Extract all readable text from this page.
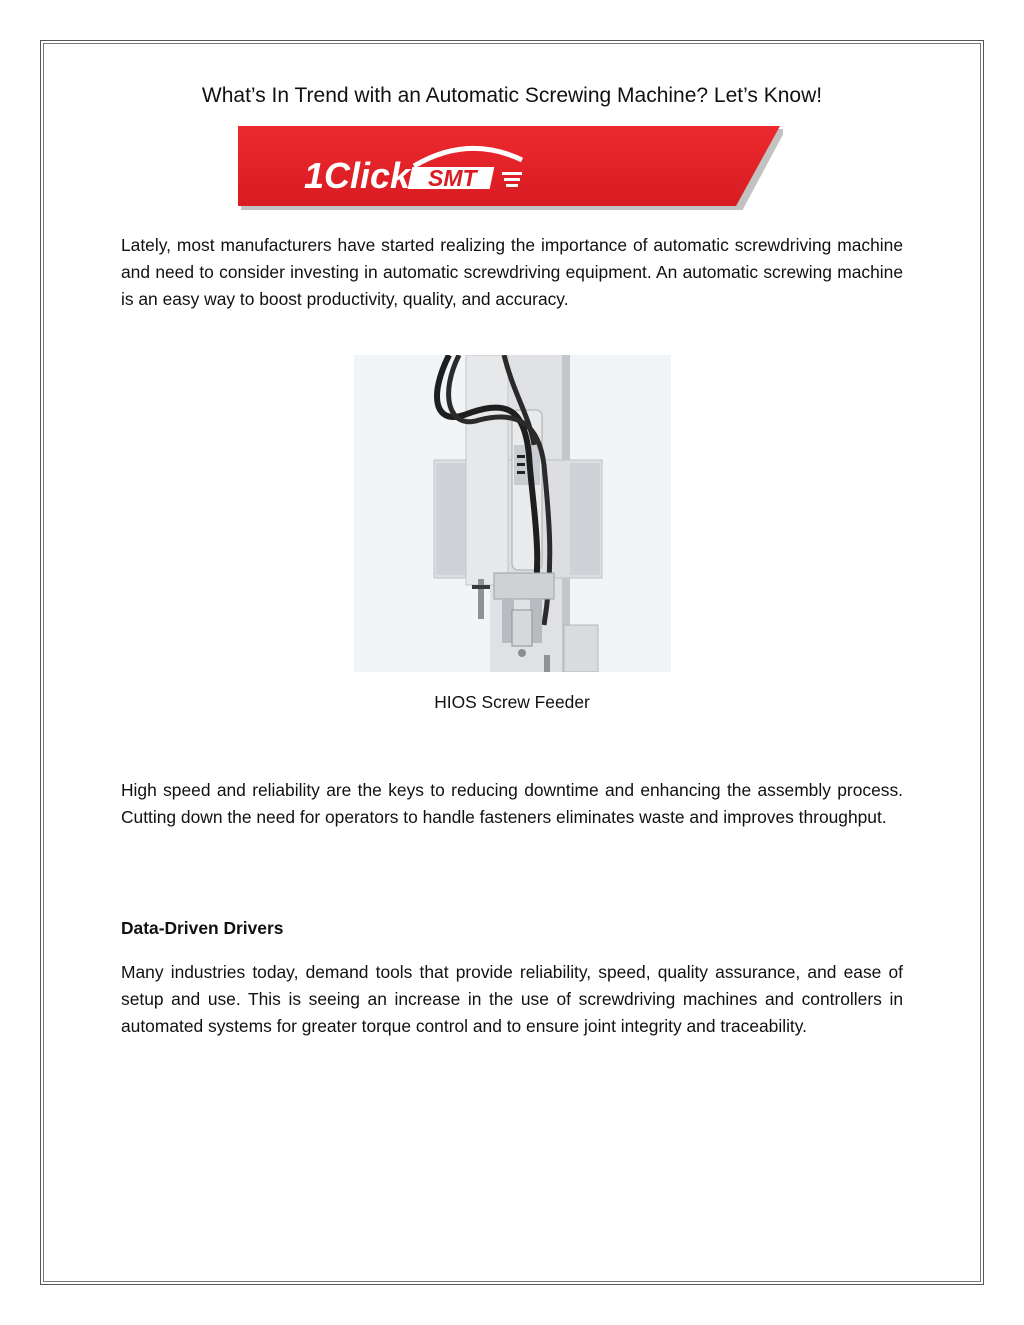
What’s In Trend with an Automatic Screwing Machine? Let’s Know!
1Click SMT

Lately, most manufacturers have started realizing the importance of automatic screwdriving machine and need to consider investing in automatic screwdriving equipment. An automatic screwing machine is an easy way to boost productivity, quality, and accuracy.

HIOS Screw Feeder

High speed and reliability are the keys to reducing downtime and enhancing the assembly process. Cutting down the need for operators to handle fasteners eliminates waste and improves throughput.

Data-Driven Drivers

Many industries today, demand tools that provide reliability, speed, quality assurance, and ease of setup and use. This is seeing an increase in the use of screwdriving machines and controllers in automated systems for greater torque control and to ensure joint integrity and traceability.
